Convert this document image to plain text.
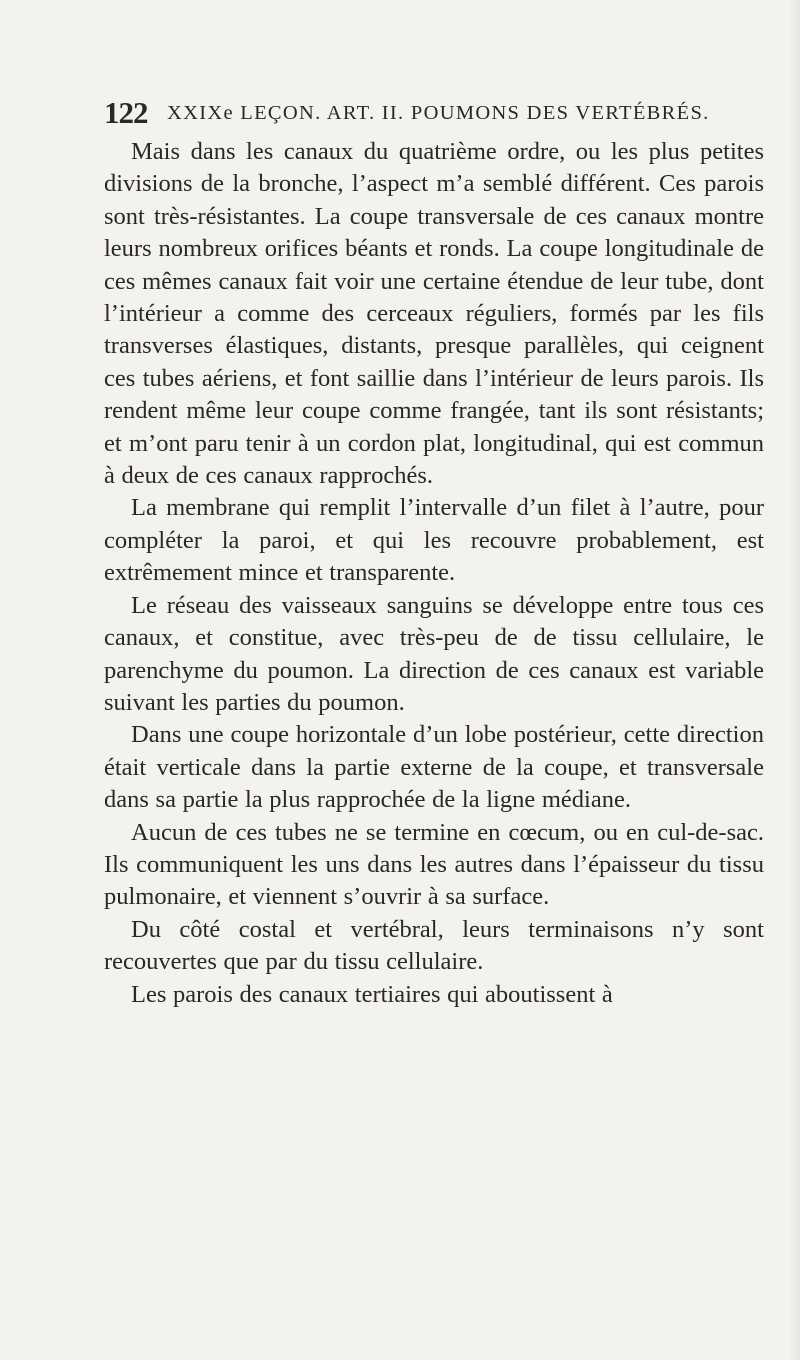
122 XXIXe LEÇON. ART. II. POUMONS DES VERTÉBRÉS.

Mais dans les canaux du quatrième ordre, ou les plus petites divisions de la bronche, l’aspect m’a semblé différent. Ces parois sont très-résistantes. La coupe transversale de ces canaux montre leurs nombreux orifices béants et ronds. La coupe longitudinale de ces mêmes canaux fait voir une certaine étendue de leur tube, dont l’intérieur a comme des cerceaux réguliers, formés par les fils transverses élastiques, distants, presque parallèles, qui ceignent ces tubes aériens, et font saillie dans l’intérieur de leurs parois. Ils rendent même leur coupe comme frangée, tant ils sont résistants; et m’ont paru tenir à un cordon plat, longitudinal, qui est commun à deux de ces canaux rapprochés.

La membrane qui remplit l’intervalle d’un filet à l’autre, pour compléter la paroi, et qui les recouvre probablement, est extrêmement mince et transparente.

Le réseau des vaisseaux sanguins se développe entre tous ces canaux, et constitue, avec très-peu de de tissu cellulaire, le parenchyme du poumon. La direction de ces canaux est variable suivant les parties du poumon.

Dans une coupe horizontale d’un lobe postérieur, cette direction était verticale dans la partie externe de la coupe, et transversale dans sa partie la plus rapprochée de la ligne médiane.

Aucun de ces tubes ne se termine en cœcum, ou en cul-de-sac. Ils communiquent les uns dans les autres dans l’épaisseur du tissu pulmonaire, et viennent s’ouvrir à sa surface.

Du côté costal et vertébral, leurs terminaisons n’y sont recouvertes que par du tissu cellulaire.

Les parois des canaux tertiaires qui aboutissent à
